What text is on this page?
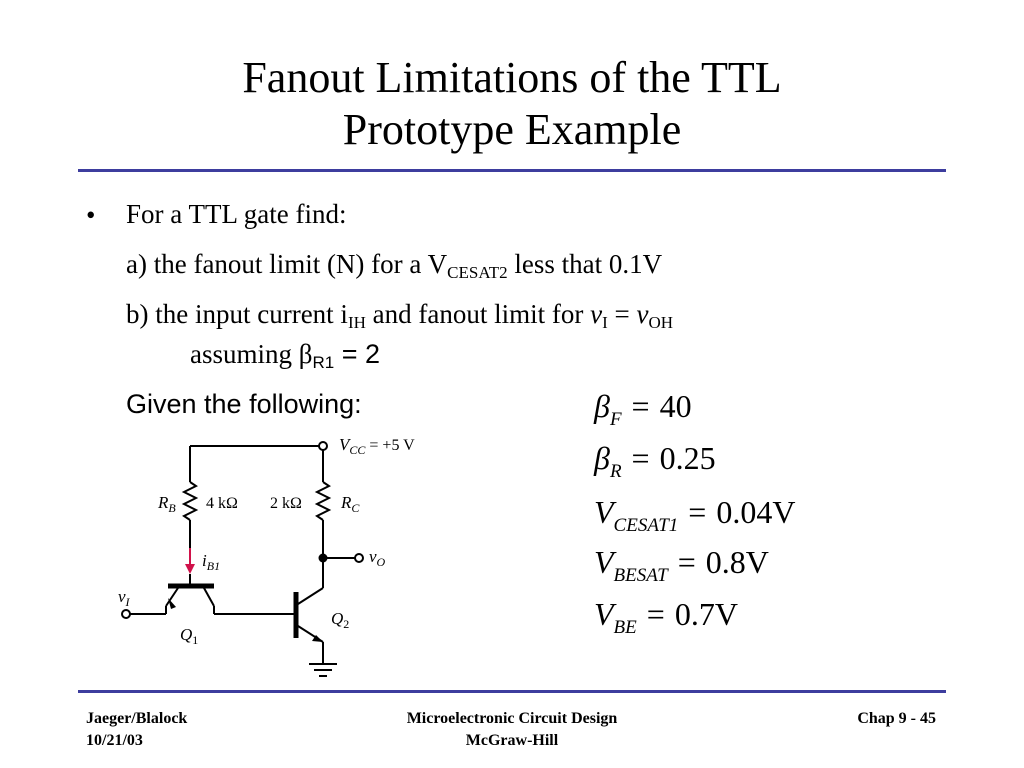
Fanout Limitations of the TTL
Prototype Example
• For a TTL gate find:
a) the fanout limit (N) for a $V_{CESAT2}$ less that 0.1V
b) the input current $i_{IH}$ and fanout limit for $v_I = v_{OH}$
assuming $\beta_{R1} = 2$
Given the following:	$\beta_F = 40$
$\beta_R = 0.25$
$V_{CESAT1} = 0.04V$
$V_{BESAT} = 0.8V$
$V_{BE} = 0.7V$
$V_{CC} = +5$ V
$R_B$ 4 kΩ 2 kΩ $R_C$
$i_{B1}$	$v_O$
$v_I$
$Q_1$
$Q_2$
Jaeger/Blalock
10/21/03
Microelectronic Circuit Design
McGraw-Hill
Chap 9 - 45
